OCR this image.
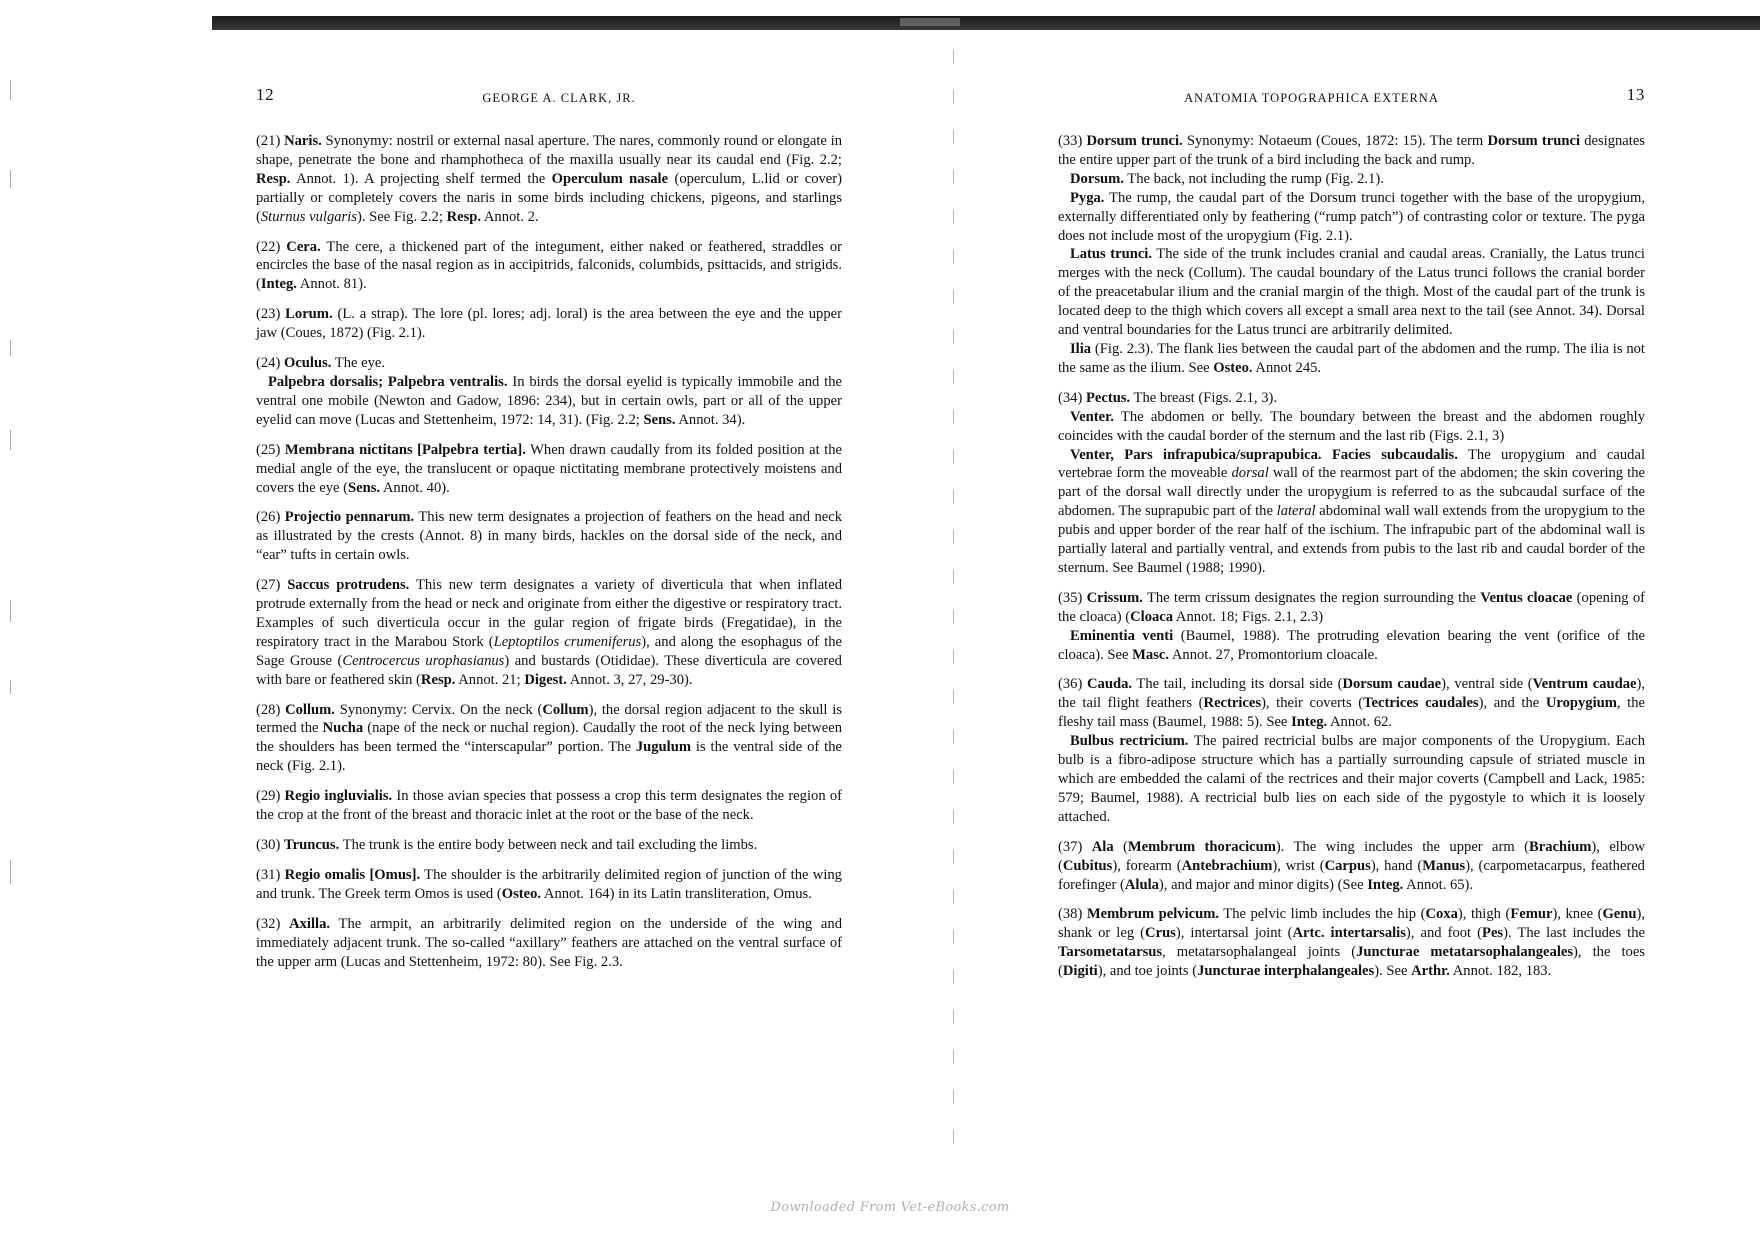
12	GEORGE A. CLARK, JR.

(21) Naris. Synonymy: nostril or external nasal aperture. The nares, commonly round or elongate in shape, penetrate the bone and rhamphotheca of the maxilla usually near its caudal end (Fig. 2.2; Resp. Annot. 1). A projecting shelf termed the Operculum nasale (operculum, L.lid or cover) partially or completely covers the naris in some birds including chickens, pigeons, and starlings (Sturnus vulgaris). See Fig. 2.2; Resp. Annot. 2.

(22) Cera. The cere, a thickened part of the integument, either naked or feathered, straddles or encircles the base of the nasal region as in accipitrids, falconids, columbids, psittacids, and strigids. (Integ. Annot. 81).

(23) Lorum. (L. a strap). The lore (pl. lores; adj. loral) is the area between the eye and the upper jaw (Coues, 1872) (Fig. 2.1).

(24) Oculus. The eye.

Palpebra dorsalis; Palpebra ventralis. In birds the dorsal eyelid is typically immobile and the ventral one mobile (Newton and Gadow, 1896: 234), but in certain owls, part or all of the upper eyelid can move (Lucas and Stettenheim, 1972: 14, 31). (Fig. 2.2; Sens. Annot. 34).

(25) Membrana nictitans [Palpebra tertia]. When drawn caudally from its folded position at the medial angle of the eye, the translucent or opaque nictitating membrane protectively moistens and covers the eye (Sens. Annot. 40).

(26) Projectio pennarum. This new term designates a projection of feathers on the head and neck as illustrated by the crests (Annot. 8) in many birds, hackles on the dorsal side of the neck, and “ear” tufts in certain owls.

(27) Saccus protrudens. This new term designates a variety of diverticula that when inflated protrude externally from the head or neck and originate from either the digestive or respiratory tract. Examples of such diverticula occur in the gular region of frigate birds (Fregatidae), in the respiratory tract in the Marabou Stork (Leptoptilos crumeniferus), and along the esophagus of the Sage Grouse (Centrocercus urophasianus) and bustards (Otididae). These diverticula are covered with bare or feathered skin (Resp. Annot. 21; Digest. Annot. 3, 27, 29-30).

(28) Collum. Synonymy: Cervix. On the neck (Collum), the dorsal region adjacent to the skull is termed the Nucha (nape of the neck or nuchal region). Caudally the root of the neck lying between the shoulders has been termed the “interscapular” portion. The Jugulum is the ventral side of the neck (Fig. 2.1).

(29) Regio ingluvialis. In those avian species that possess a crop this term designates the region of the crop at the front of the breast and thoracic inlet at the root or the base of the neck.

(30) Truncus. The trunk is the entire body between neck and tail excluding the limbs.

(31) Regio omalis [Omus]. The shoulder is the arbitrarily delimited region of junction of the wing and trunk. The Greek term Omos is used (Osteo. Annot. 164) in its Latin transliteration, Omus.

(32) Axilla. The armpit, an arbitrarily delimited region on the underside of the wing and immediately adjacent trunk. The so-called “axillary” feathers are attached on the ventral surface of the upper arm (Lucas and Stettenheim, 1972: 80). See Fig. 2.3.

ANATOMIA TOPOGRAPHICA EXTERNA	13

(33) Dorsum trunci. Synonymy: Notaeum (Coues, 1872: 15). The term Dorsum trunci designates the entire upper part of the trunk of a bird including the back and rump.

Dorsum. The back, not including the rump (Fig. 2.1).

Pyga. The rump, the caudal part of the Dorsum trunci together with the base of the uropygium, externally differentiated only by feathering (“rump patch”) of contrasting color or texture. The pyga does not include most of the uropygium (Fig. 2.1).

Latus trunci. The side of the trunk includes cranial and caudal areas. Cranially, the Latus trunci merges with the neck (Collum). The caudal boundary of the Latus trunci follows the cranial border of the preacetabular ilium and the cranial margin of the thigh. Most of the caudal part of the trunk is located deep to the thigh which covers all except a small area next to the tail (see Annot. 34). Dorsal and ventral boundaries for the Latus trunci are arbitrarily delimited.

Ilia (Fig. 2.3). The flank lies between the caudal part of the abdomen and the rump. The ilia is not the same as the ilium. See Osteo. Annot 245.

(34) Pectus. The breast (Figs. 2.1, 3).

Venter. The abdomen or belly. The boundary between the breast and the abdomen roughly coincides with the caudal border of the sternum and the last rib (Figs. 2.1, 3)

Venter, Pars infrapubica/suprapubica. Facies subcaudalis. The uropygium and caudal vertebrae form the moveable dorsal wall of the rearmost part of the abdomen; the skin covering the part of the dorsal wall directly under the uropygium is referred to as the subcaudal surface of the abdomen. The suprapubic part of the lateral abdominal wall wall extends from the uropygium to the pubis and upper border of the rear half of the ischium. The infrapubic part of the abdominal wall is partially lateral and partially ventral, and extends from pubis to the last rib and caudal border of the sternum. See Baumel (1988; 1990).

(35) Crissum. The term crissum designates the region surrounding the Ventus cloacae (opening of the cloaca) (Cloaca Annot. 18; Figs. 2.1, 2.3)

Eminentia venti (Baumel, 1988). The protruding elevation bearing the vent (orifice of the cloaca). See Masc. Annot. 27, Promontorium cloacale.

(36) Cauda. The tail, including its dorsal side (Dorsum caudae), ventral side (Ventrum caudae), the tail flight feathers (Rectrices), their coverts (Tectrices caudales), and the Uropygium, the fleshy tail mass (Baumel, 1988: 5). See Integ. Annot. 62.

Bulbus rectricium. The paired rectricial bulbs are major components of the Uropygium. Each bulb is a fibro-adipose structure which has a partially surrounding capsule of striated muscle in which are embedded the calami of the rectrices and their major coverts (Campbell and Lack, 1985: 579; Baumel, 1988). A rectricial bulb lies on each side of the pygostyle to which it is loosely attached.

(37) Ala (Membrum thoracicum). The wing includes the upper arm (Brachium), elbow (Cubitus), forearm (Antebrachium), wrist (Carpus), hand (Manus), (carpometacarpus, feathered forefinger (Alula), and major and minor digits) (See Integ. Annot. 65).

(38) Membrum pelvicum. The pelvic limb includes the hip (Coxa), thigh (Femur), knee (Genu), shank or leg (Crus), intertarsal joint (Artc. intertarsalis), and foot (Pes). The last includes the Tarsometatarsus, metatarsophalangeal joints (Juncturae metatarsophalangeales), the toes (Digiti), and toe joints (Juncturae interphalangeales). See Arthr. Annot. 182, 183.

Downloaded From Vet-eBooks.com
